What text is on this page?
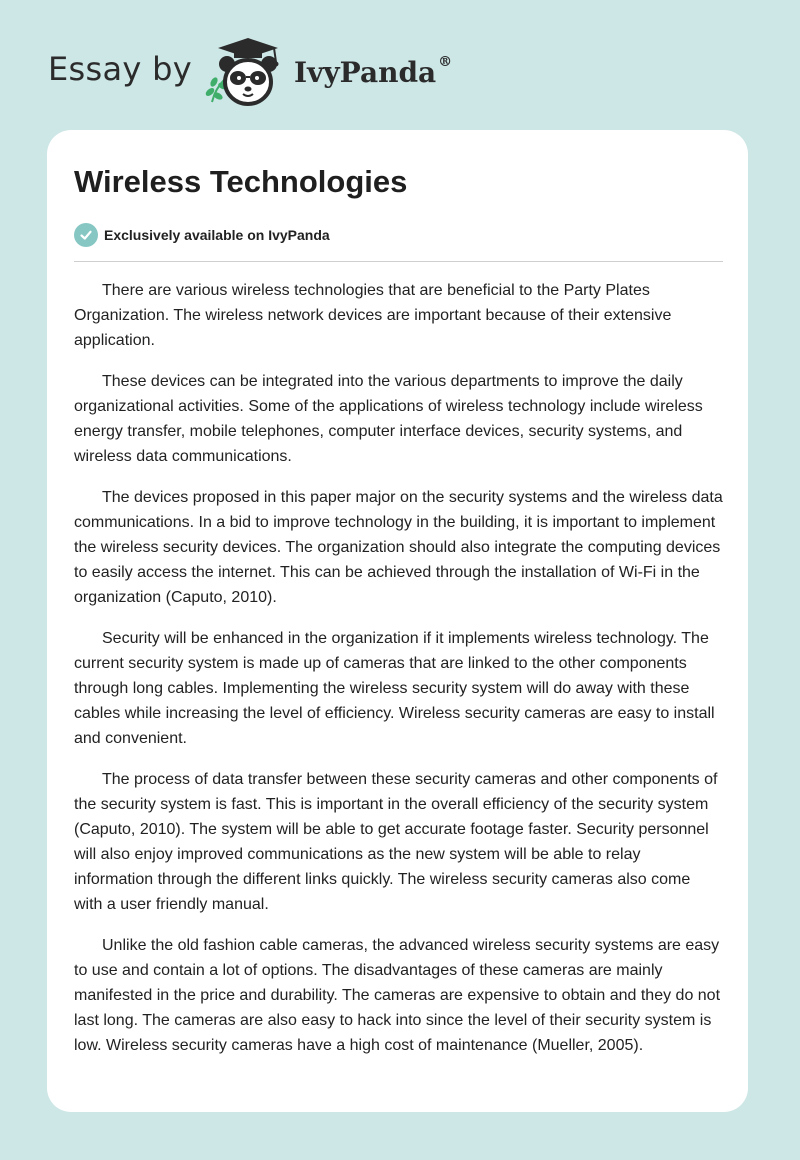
Essay by	IvyPanda ®
Wireless Technologies
Exclusively available on IvyPanda

There are various wireless technologies that are beneficial to the Party Plates Organization. The wireless network devices are important because of their extensive application.

These devices can be integrated into the various departments to improve the daily organizational activities. Some of the applications of wireless technology include wireless energy transfer, mobile telephones, computer interface devices, security systems, and wireless data communications.

The devices proposed in this paper major on the security systems and the wireless data communications. In a bid to improve technology in the building, it is important to implement the wireless security devices. The organization should also integrate the computing devices to easily access the internet. This can be achieved through the installation of Wi-Fi in the organization (Caputo, 2010).

Security will be enhanced in the organization if it implements wireless technology. The current security system is made up of cameras that are linked to the other components through long cables. Implementing the wireless security system will do away with these cables while increasing the level of efficiency. Wireless security cameras are easy to install and convenient.

The process of data transfer between these security cameras and other components of the security system is fast. This is important in the overall efficiency of the security system (Caputo, 2010). The system will be able to get accurate footage faster. Security personnel will also enjoy improved communications as the new system will be able to relay information through the different links quickly. The wireless security cameras also come with a user friendly manual.

Unlike the old fashion cable cameras, the advanced wireless security systems are easy to use and contain a lot of options. The disadvantages of these cameras are mainly manifested in the price and durability. The cameras are expensive to obtain and they do not last long. The cameras are also easy to hack into since the level of their security system is low. Wireless security cameras have a high cost of maintenance (Mueller, 2005).
